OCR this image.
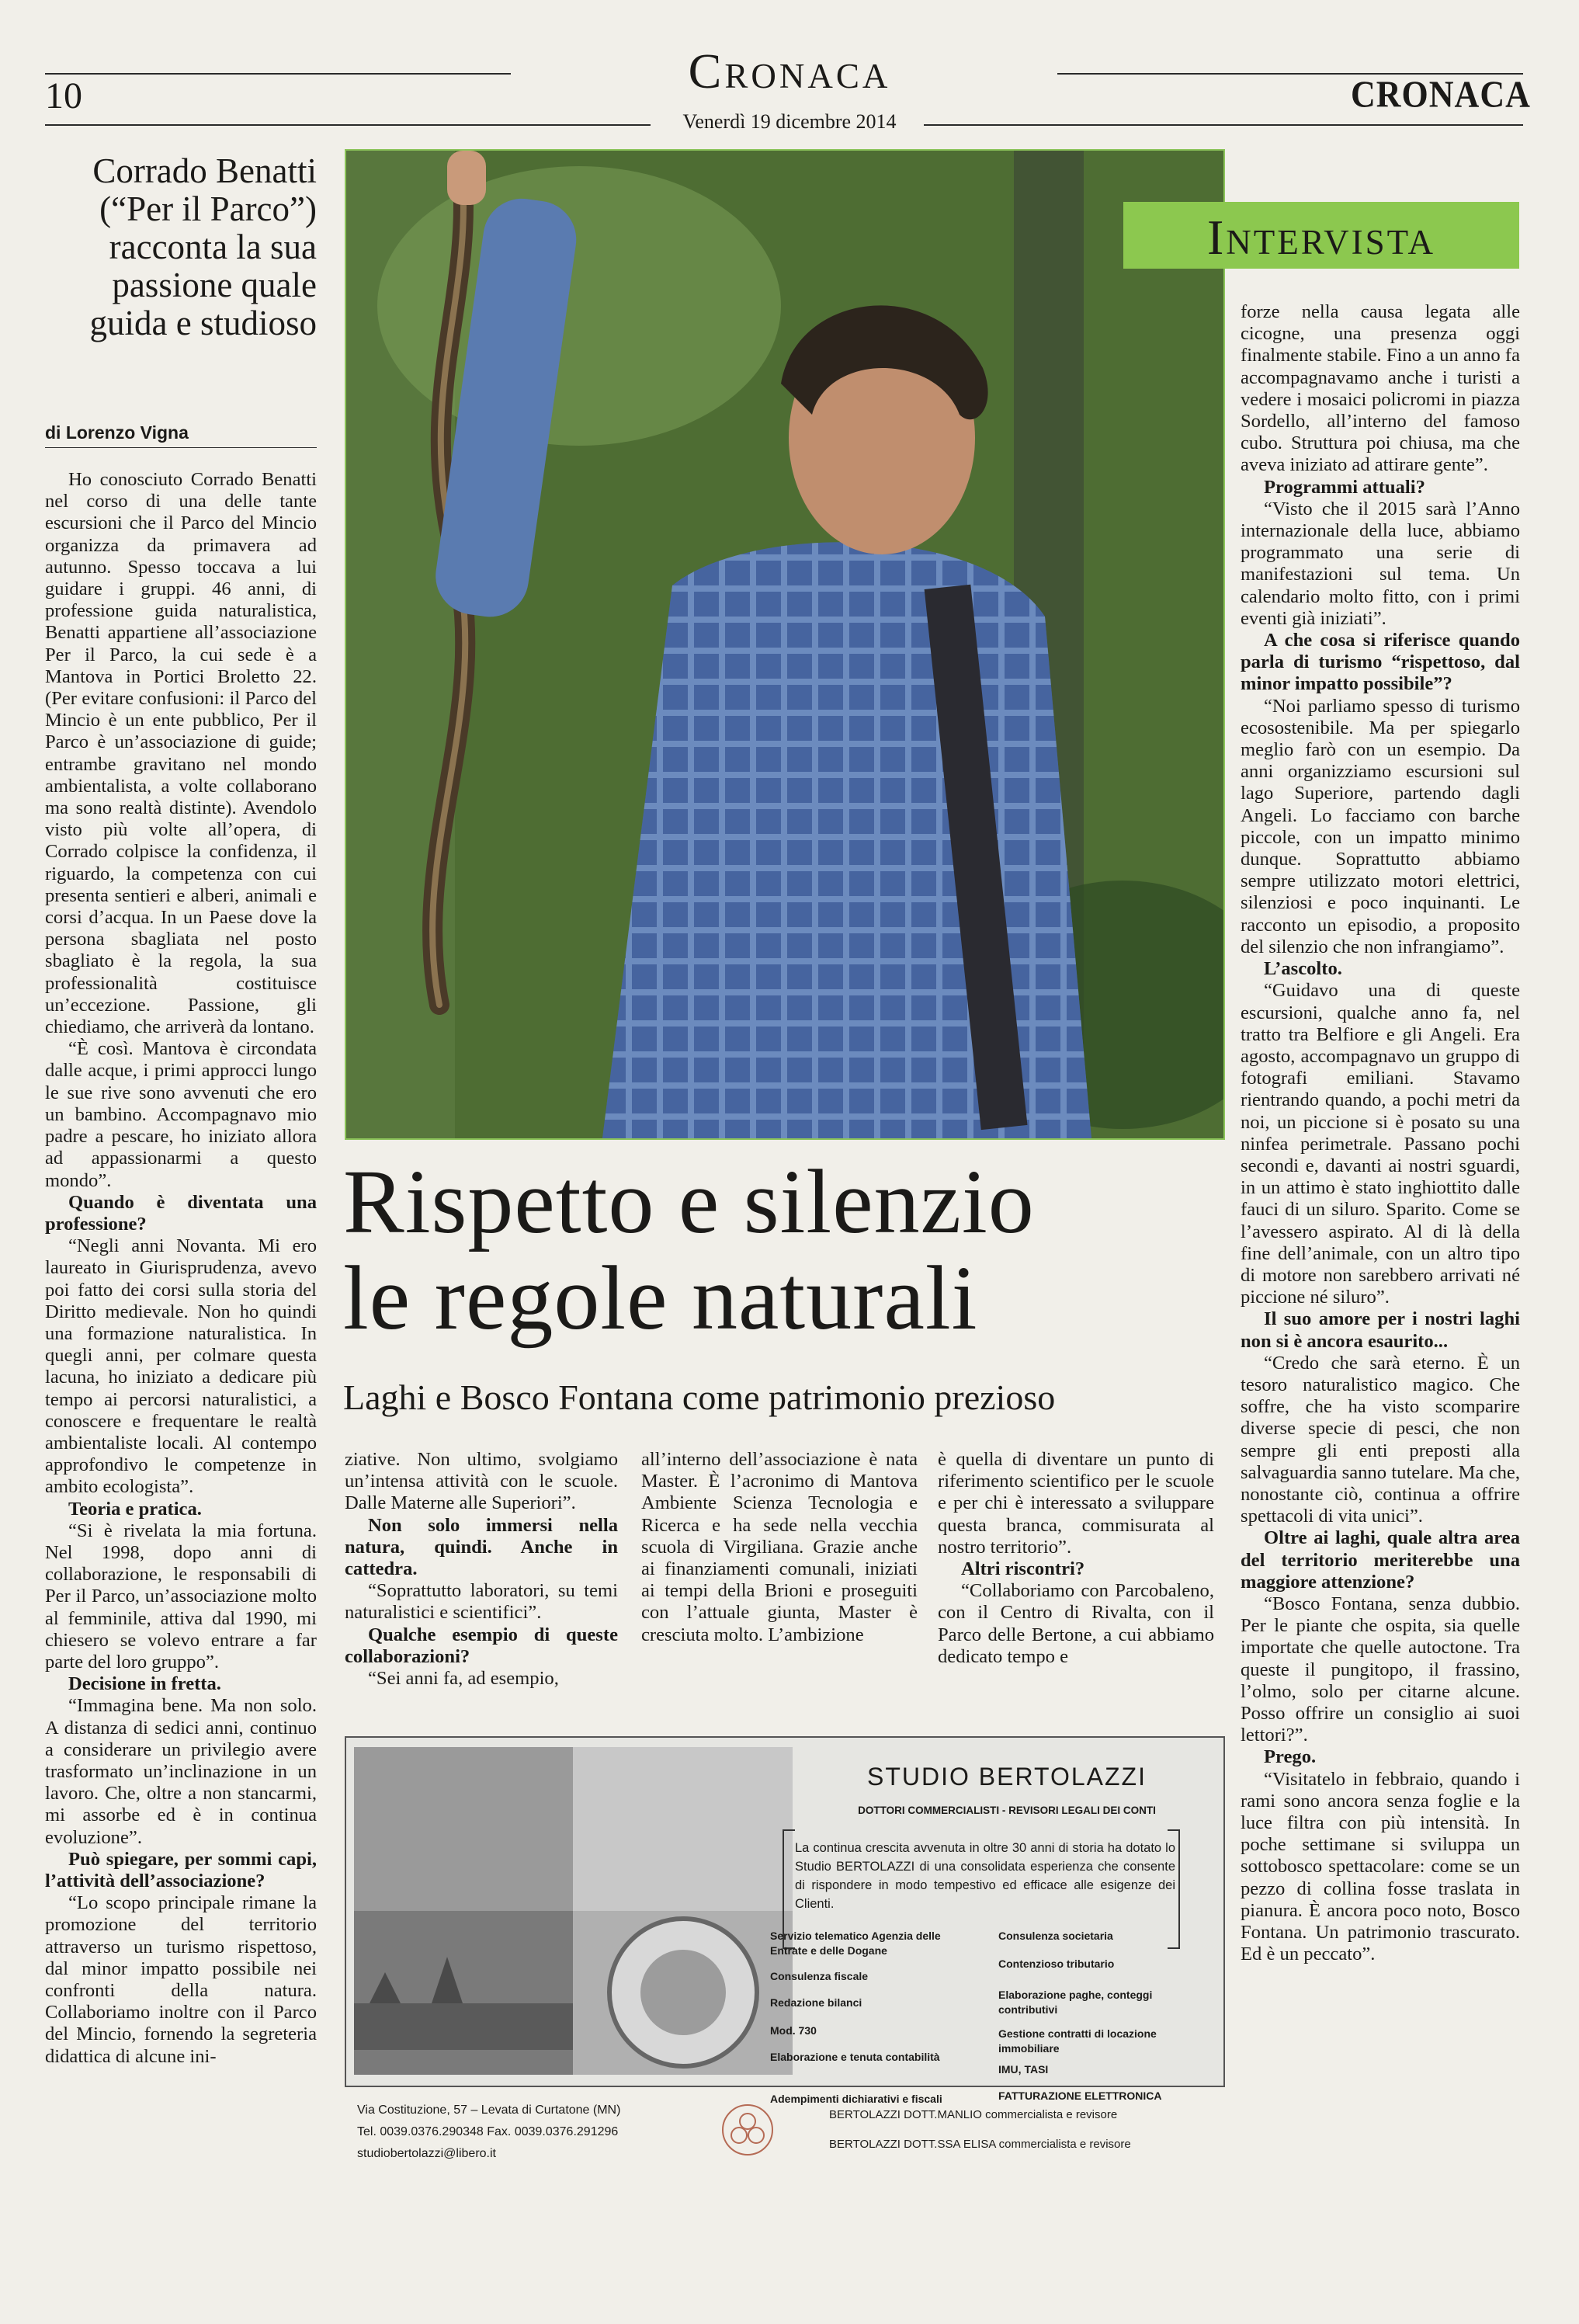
10	Cronaca
Venerdì 19 dicembre 2014
CRONACA
Corrado Benatti (“Per il Parco”) racconta la sua passione quale guida e studioso
di Lorenzo Vigna

Ho conosciuto Corrado Benatti nel corso di una delle tante escursioni che il Parco del Mincio organizza da primavera ad autunno. Spesso toccava a lui guidare i gruppi. 46 anni, di professione guida naturalistica, Benatti appartiene all’associazione Per il Parco, la cui sede è a Mantova in Portici Broletto 22. (Per evitare confusioni: il Parco del Mincio è un ente pubblico, Per il Parco è un’associazione di guide; entrambe gravitano nel mondo ambientalista, a volte collaborano ma sono realtà distinte). Avendolo visto più volte all’opera, di Corrado colpisce la confidenza, il riguardo, la competenza con cui presenta sentieri e alberi, animali e corsi d’acqua. In un Paese dove la persona sbagliata nel posto sbagliato è la regola, la sua professionalità costituisce un’eccezione. Passione, gli chiediamo, che arriverà da lontano.

“È così. Mantova è circondata dalle acque, i primi approcci lungo le sue rive sono avvenuti che ero un bambino. Accompagnavo mio padre a pescare, ho iniziato allora ad appassionarmi a questo mondo”.

Quando è diventata una professione?

“Negli anni Novanta. Mi ero laureato in Giurisprudenza, avevo poi fatto dei corsi sulla storia del Diritto medievale. Non ho quindi una formazione naturalistica. In quegli anni, per colmare questa lacuna, ho iniziato a dedicare più tempo ai percorsi naturalistici, a conoscere e frequentare le realtà ambientaliste locali. Al contempo approfondivo le competenze in ambito ecologista”.

Teoria e pratica.

“Si è rivelata la mia fortuna. Nel 1998, dopo anni di collaborazione, le responsabili di Per il Parco, un’associazione molto al femminile, attiva dal 1990, mi chiesero se volevo entrare a far parte del loro gruppo”.

Decisione in fretta.

“Immagina bene. Ma non solo. A distanza di sedici anni, continuo a considerare un privilegio avere trasformato un’inclinazione in un lavoro. Che, oltre a non stancarmi, mi assorbe ed è in continua evoluzione”.

Può spiegare, per sommi capi, l’attività dell’associazione?

“Lo scopo principale rimane la promozione del territorio attraverso un turismo rispettoso, dal minor impatto possibile nei confronti della natura. Collaboriamo inoltre con il Parco del Mincio, fornendo la segreteria didattica di alcune ini-

ziative. Non ultimo, svolgiamo un’intensa attività con le scuole. Dalle Materne alle Superiori”.

Non solo immersi nella natura, quindi. Anche in cattedra.

“Soprattutto laboratori, su temi naturalistici e scientifici”.

Qualche esempio di queste collaborazioni?

“Sei anni fa, ad esempio,

all’interno dell’associazione è nata Master. È l’acronimo di Mantova Ambiente Scienza Tecnologia e Ricerca e ha sede nella vecchia scuola di Virgiliana. Grazie anche ai finanziamenti comunali, iniziati ai tempi della Brioni e proseguiti con l’attuale giunta, Master è cresciuta molto. L’ambizione

è quella di diventare un punto di riferimento scientifico per le scuole e per chi è interessato a sviluppare questa branca, commisurata al nostro territorio”.

Altri riscontri?

“Collaboriamo con Parcobaleno, con il Centro di Rivalta, con il Parco delle Bertone, a cui abbiamo dedicato tempo e

forze nella causa legata alle cicogne, una presenza oggi finalmente stabile. Fino a un anno fa accompagnavamo anche i turisti a vedere i mosaici policromi in piazza Sordello, all’interno del famoso cubo. Struttura poi chiusa, ma che aveva iniziato ad attirare gente”.

Programmi attuali?

“Visto che il 2015 sarà l’Anno internazionale della luce, abbiamo programmato una serie di manifestazioni sul tema. Un calendario molto fitto, con i primi eventi già iniziati”.

A che cosa si riferisce quando parla di turismo “rispettoso, dal minor impatto possibile”?

“Noi parliamo spesso di turismo ecosostenibile. Ma per spiegarlo meglio farò con un esempio. Da anni organizziamo escursioni sul lago Superiore, partendo dagli Angeli. Lo facciamo con barche piccole, con un impatto minimo dunque. Soprattutto abbiamo sempre utilizzato motori elettrici, silenziosi e poco inquinanti. Le racconto un episodio, a proposito del silenzio che non infrangiamo”.

L’ascolto.

“Guidavo una di queste escursioni, qualche anno fa, nel tratto tra Belfiore e gli Angeli. Era agosto, accompagnavo un gruppo di fotografi emiliani. Stavamo rientrando quando, a pochi metri da noi, un piccione si è posato su una ninfea perimetrale. Passano pochi secondi e, davanti ai nostri sguardi, in un attimo è stato inghiottito dalle fauci di un siluro. Sparito. Come se l’avessero aspirato. Al di là della fine dell’animale, con un altro tipo di motore non sarebbero arrivati né piccione né siluro”.

Il suo amore per i nostri laghi non si è ancora esaurito...

“Credo che sarà eterno. È un tesoro naturalistico magico. Che soffre, che ha visto scomparire diverse specie di pesci, che non sempre gli enti preposti alla salvaguardia sanno tutelare. Ma che, nonostante ciò, continua a offrire spettacoli di vita unici”.

Oltre ai laghi, quale altra area del territorio meriterebbe una maggiore attenzione?

“Bosco Fontana, senza dubbio. Per le piante che ospita, sia quelle importate che quelle autoctone. Tra queste il pungitopo, il frassino, l’olmo, solo per citarne alcune. Posso offrire un consiglio ai suoi lettori?”.

Prego.

“Visitatelo in febbraio, quando i rami sono ancora senza foglie e la luce filtra con più intensità. In poche settimane si sviluppa un sottobosco spettacolare: come se un pezzo di collina fosse traslata in pianura. È ancora poco noto, Bosco Fontana. Un patrimonio trascurato. Ed è un peccato”.

Intervista
Rispetto e silenzio
le regole naturali
Laghi e Bosco Fontana come patrimonio prezioso
STUDIO BERTOLAZZI
DOTTORI COMMERCIALISTI - REVISORI LEGALI DEI CONTI
La continua crescita avvenuta in oltre 30 anni di storia ha dotato lo Studio BERTOLAZZI di una consolidata esperienza che consente di rispondere in modo tempestivo ed efficace alle esigenze dei Clienti.
Servizio telematico Agenzia delle Entrate e delle Dogane
Consulenza fiscale
Redazione bilanci
Mod. 730
Elaborazione e tenuta contabilità
Adempimenti dichiarativi e fiscali
Consulenza societaria
Contenzioso tributario
Elaborazione paghe, conteggi contributivi
Gestione contratti di locazione immobiliare
IMU, TASI
FATTURAZIONE ELETTRONICA
Via Costituzione, 57 – Levata di Curtatone (MN)
Tel. 0039.0376.290348 Fax. 0039.0376.291296
studiobertolazzi@libero.it
BERTOLAZZI DOTT.MANLIO commercialista e revisore
BERTOLAZZI DOTT.SSA ELISA commercialista e revisore
